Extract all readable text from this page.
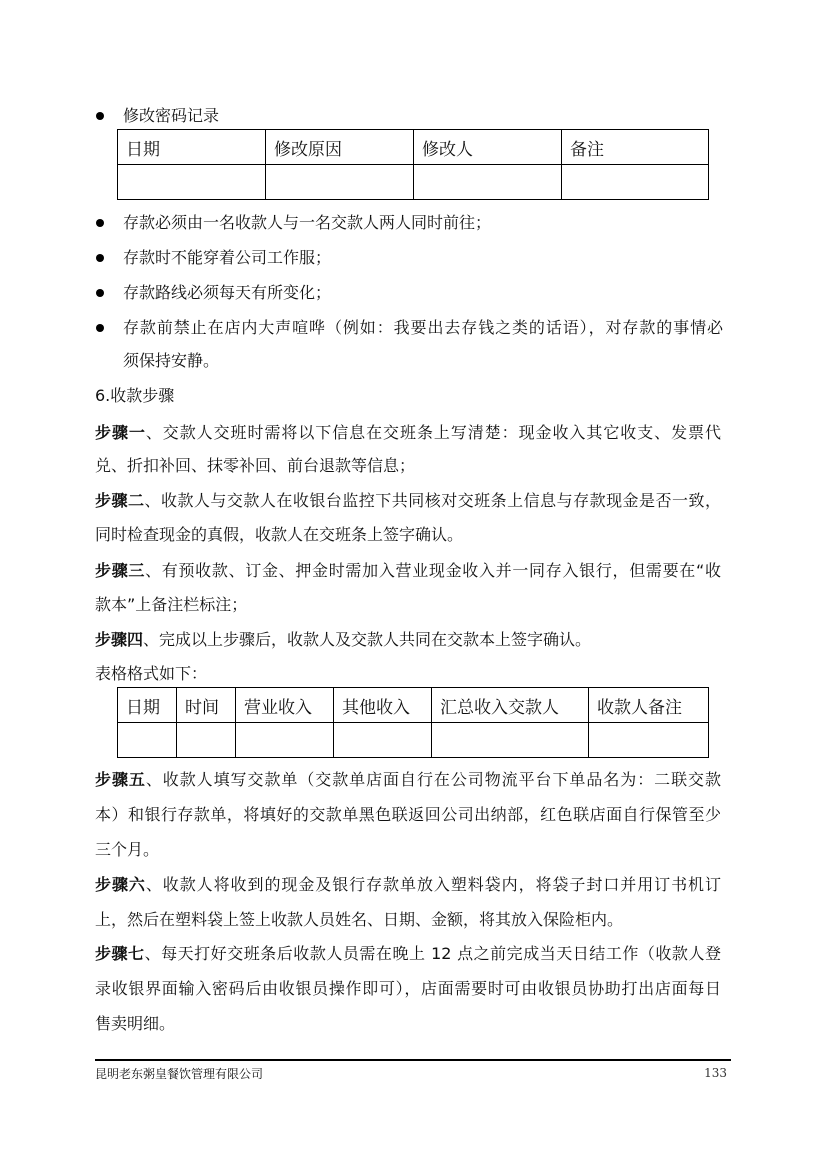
修改密码记录
日期	修改原因	修改人	备注

存款必须由一名收款人与一名交款人两人同时前往；
存款时不能穿着公司工作服；
存款路线必须每天有所变化；
存款前禁止在店内大声喧哗（例如：我要出去存钱之类的话语），对存款的事情必
须保持安静。
6.收款步骤
步骤一、交款人交班时需将以下信息在交班条上写清楚：现金收入其它收支、发票代
兑、折扣补回、抹零补回、前台退款等信息；
步骤二、收款人与交款人在收银台监控下共同核对交班条上信息与存款现金是否一致，
同时检查现金的真假，收款人在交班条上签字确认。
步骤三、有预收款、订金、押金时需加入营业现金收入并一同存入银行，但需要在“收
款本”上备注栏标注；
步骤四、完成以上步骤后，收款人及交款人共同在交款本上签字确认。
表格格式如下：
日期	时间	营业收入	其他收入	汇总收入交款人	收款人备注

步骤五、收款人填写交款单（交款单店面自行在公司物流平台下单品名为：二联交款
本）和银行存款单，将填好的交款单黑色联返回公司出纳部，红色联店面自行保管至少
三个月。
步骤六、收款人将收到的现金及银行存款单放入塑料袋内，将袋子封口并用订书机订
上，然后在塑料袋上签上收款人员姓名、日期、金额，将其放入保险柜内。
步骤七、每天打好交班条后收款人员需在晚上 12 点之前完成当天日结工作（收款人登
录收银界面输入密码后由收银员操作即可），店面需要时可由收银员协助打出店面每日
售卖明细。
昆明老东粥皇餐饮管理有限公司	133
